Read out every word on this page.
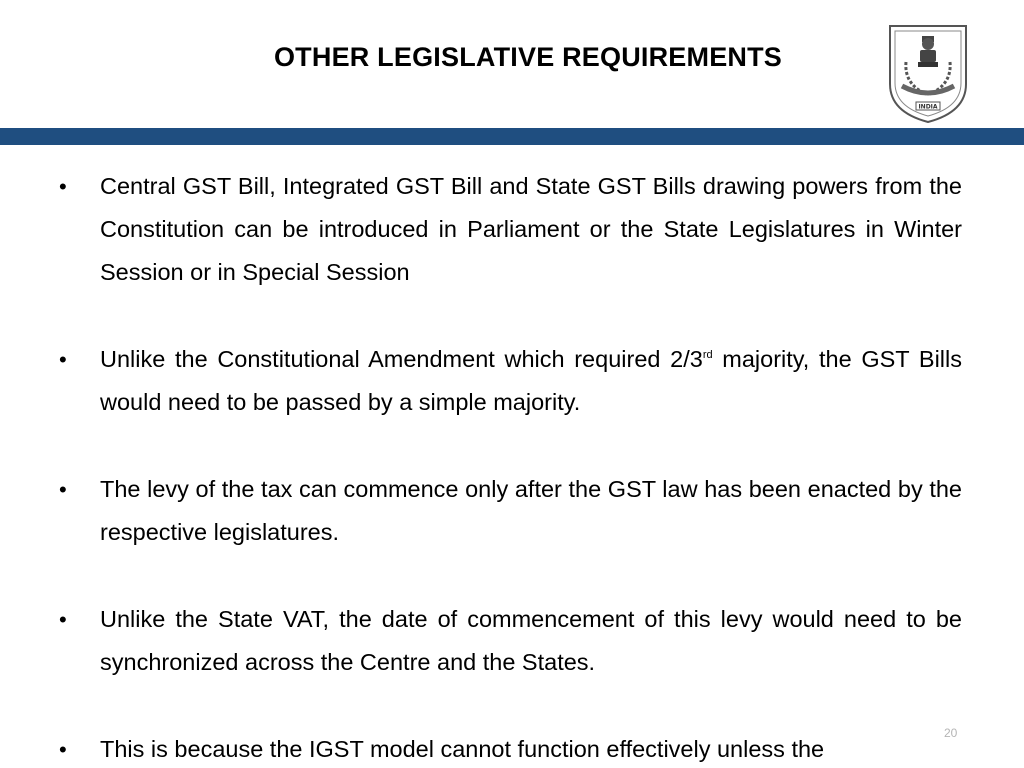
OTHER LEGISLATIVE REQUIREMENTS
INDIA
• Central GST Bill, Integrated GST Bill and State GST Bills drawing powers from the Constitution can be introduced in Parliament or the State Legislatures in Winter Session or in Special Session
• Unlike the Constitutional Amendment which required 2/3rd majority, the GST Bills would need to be passed by a simple majority.
• The levy of the tax can commence only after the GST law has been enacted by the respective legislatures.
• Unlike the State VAT, the date of commencement of this levy would need to be synchronized across the Centre and the States.
• This is because the IGST model cannot function effectively unless the
20
